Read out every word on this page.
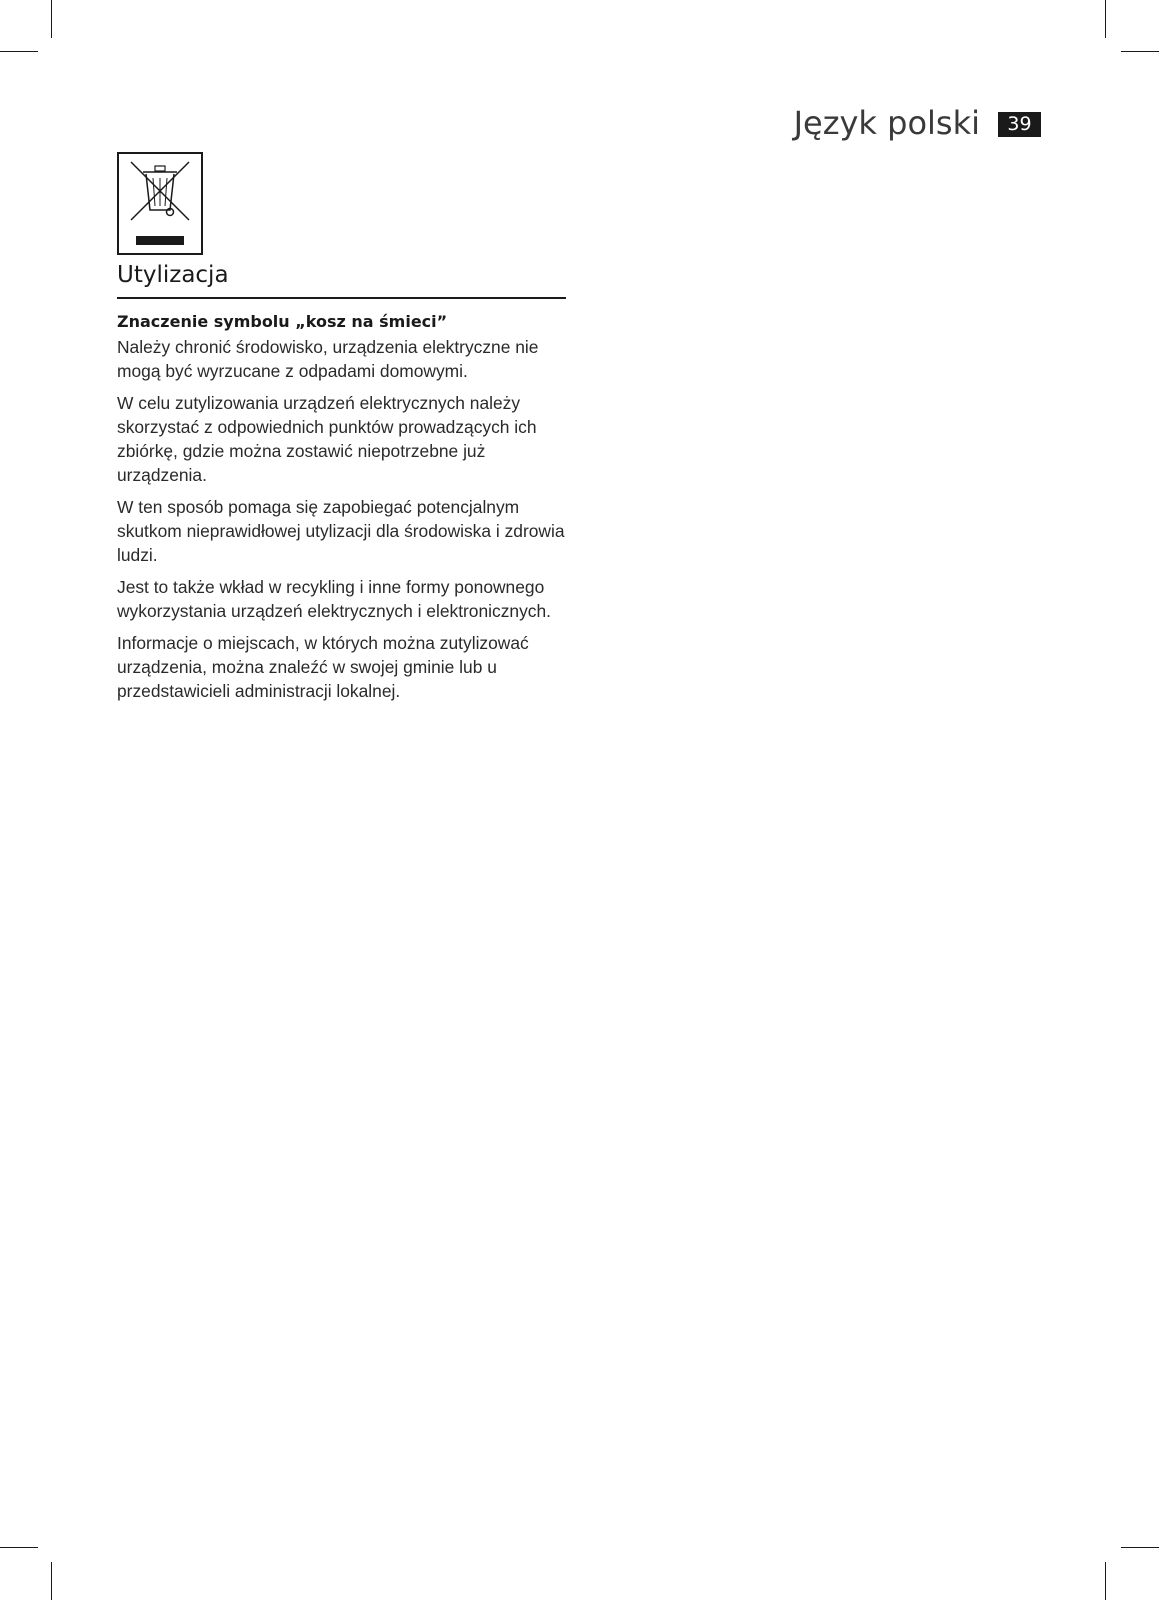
Język polski	39
Utylizacja
Znaczenie symbolu „kosz na śmieci”

Należy chronić środowisko, urządzenia elektryczne nie mogą być wyrzucane z odpadami domowymi.

W celu zutylizowania urządzeń elektrycznych należy skorzystać z odpowiednich punktów prowadzących ich zbiórkę, gdzie można zostawić niepotrzebne już urządzenia.

W ten sposób pomaga się zapobiegać potencjalnym skutkom nieprawidłowej utylizacji dla środowiska i zdrowia ludzi.

Jest to także wkład w recykling i inne formy ponownego wykorzystania urządzeń elektrycznych i elektronicznych.

Informacje o miejscach, w których można zutylizować urządzenia, można znaleźć w swojej gminie lub u przedstawicieli administracji lokalnej.
